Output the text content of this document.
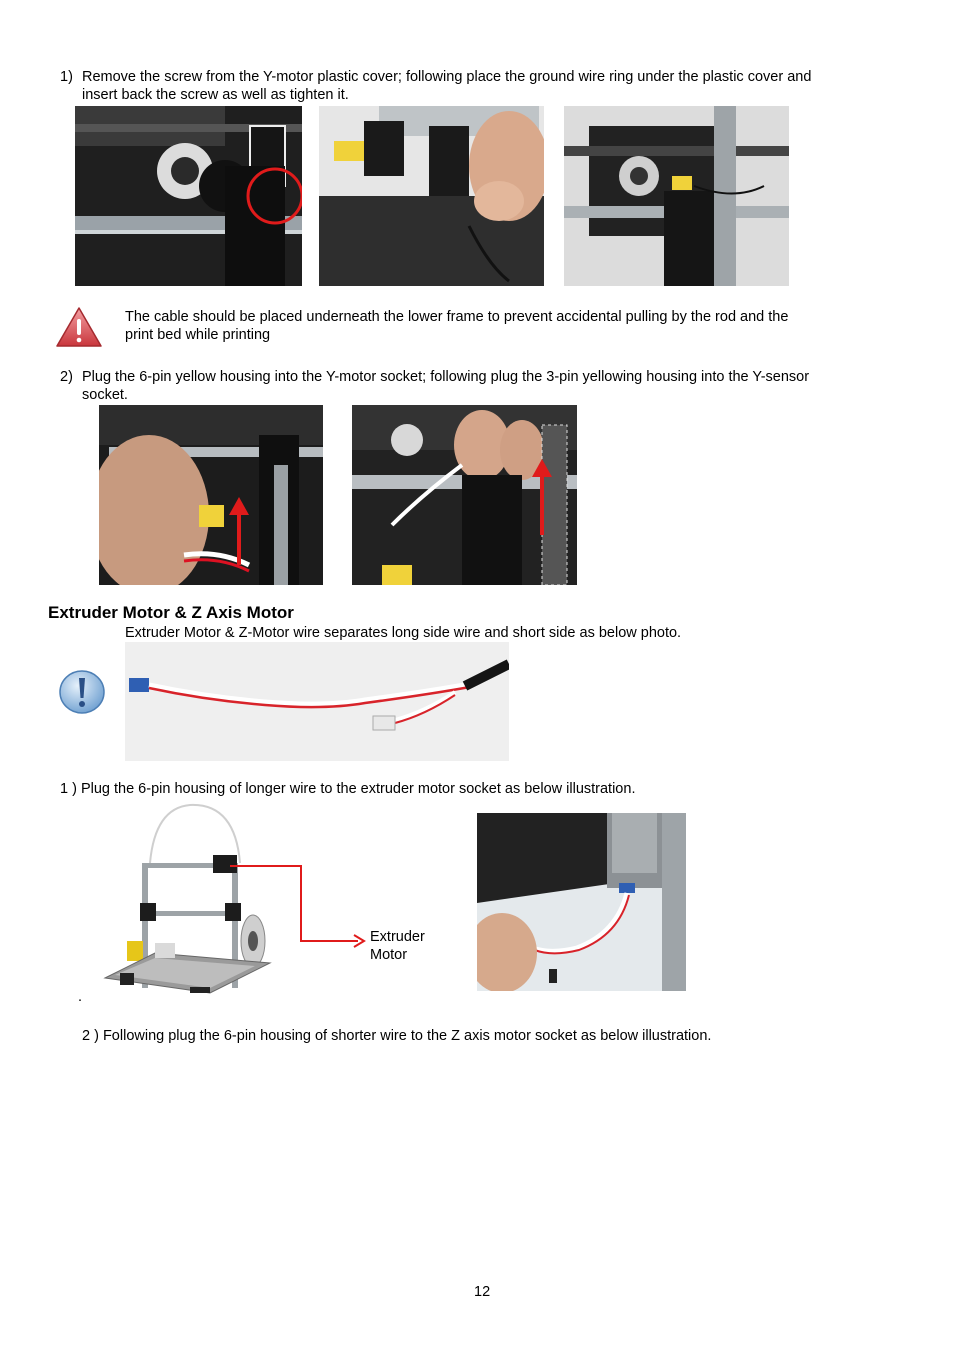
1) Remove the screw from the Y-motor plastic cover; following place the ground wire ring under the plastic cover and
insert back the screw as well as tighten it.
The cable should be placed underneath the lower frame to prevent accidental pulling by the rod and the
print bed while printing
2) Plug the 6-pin yellow housing into the Y-motor socket; following plug the 3-pin yellowing housing into the Y-sensor
socket.
Extruder Motor & Z Axis Motor
Extruder Motor & Z-Motor wire separates long side wire and short side as below photo.
1 ) Plug the 6-pin housing of longer wire to the extruder motor socket as below illustration.
Extruder
Motor
.
2 ) Following plug the 6-pin housing of shorter wire to the Z axis motor socket as below illustration.
12
